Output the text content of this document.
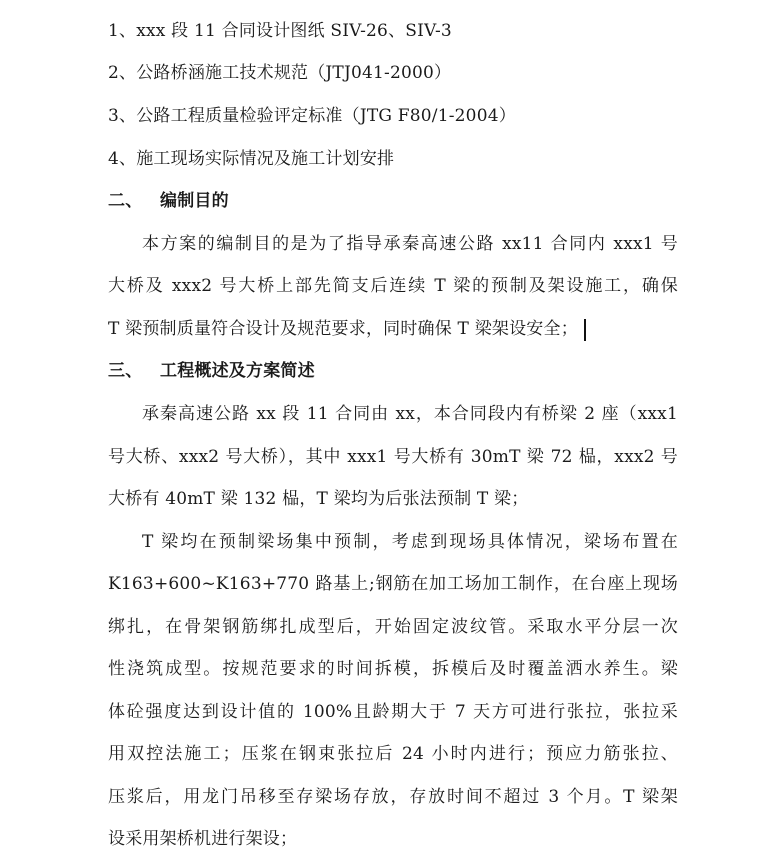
1、xxx 段 11 合同设计图纸 SIV-26、SIV-3
2、公路桥涵施工技术规范（JTJ041-2000）
3、公路工程质量检验评定标准（JTG F80/1-2004）
4、施工现场实际情况及施工计划安排
二、 编制目的
本方案的编制目的是为了指导承秦高速公路 xx11 合同内 xxx1 号
大桥及 xxx2 号大桥上部先简支后连续 T 梁的预制及架设施工，确保
T 梁预制质量符合设计及规范要求，同时确保 T 梁架设安全；
三、 工程概述及方案简述
承秦高速公路 xx 段 11 合同由 xx，本合同段内有桥梁 2 座（xxx1
号大桥、xxx2 号大桥），其中 xxx1 号大桥有 30mT 梁 72 榀，xxx2 号
大桥有 40mT 梁 132 榀，T 梁均为后张法预制 T 梁；
T 梁均在预制梁场集中预制，考虑到现场具体情况，梁场布置在
K163+600~K163+770 路基上;钢筋在加工场加工制作，在台座上现场
绑扎，在骨架钢筋绑扎成型后，开始固定波纹管。采取水平分层一次
性浇筑成型。按规范要求的时间拆模，拆模后及时覆盖洒水养生。梁
体砼强度达到设计值的 100%且龄期大于 7 天方可进行张拉，张拉采
用双控法施工；压浆在钢束张拉后 24 小时内进行；预应力筋张拉、
压浆后，用龙门吊移至存梁场存放，存放时间不超过 3 个月。T 梁架
设采用架桥机进行架设；
